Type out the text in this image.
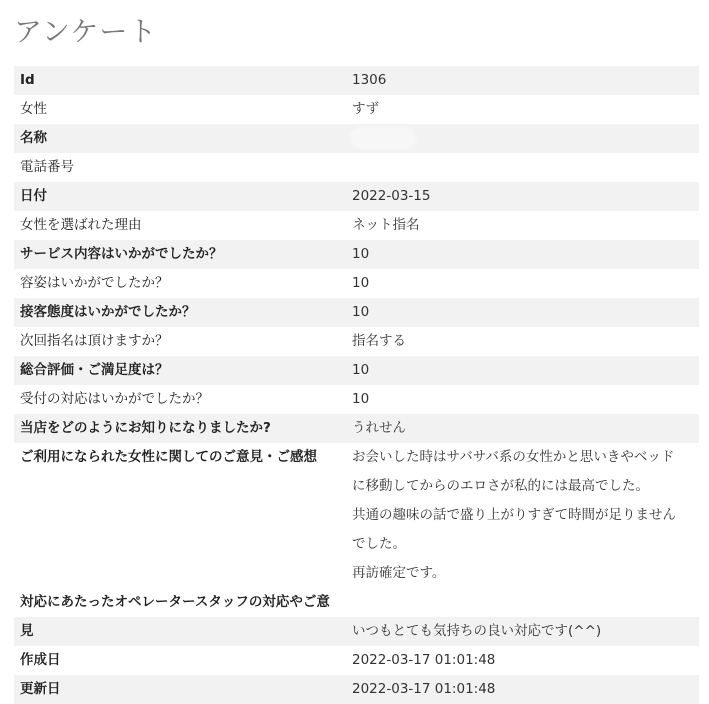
アンケート
Id	1306
女性	すず
名称	
電話番号	
日付	2022-03-15
女性を選ばれた理由	ネット指名
サービス内容はいかがでしたか？	10
容姿はいかがでしたか？	10
接客態度はいかがでしたか？	10
次回指名は頂けますか？	指名する
総合評価・ご満足度は？	10
受付の対応はいかがでしたか？	10
当店をどのようにお知りになりましたか?	うれせん
ご利用になられた女性に関してのご意見・ご感想	お会いした時はサバサバ系の女性かと思いきやベッド
に移動してからのエロさが私的には最高でした。
共通の趣味の話で盛り上がりすぎて時間が足りません
でした。
再訪確定です。

対応にあたったオペレータースタッフの対応やご意	
見	いつもとても気持ちの良い対応です(^^)
作成日	2022-03-17 01:01:48
更新日	2022-03-17 01:01:48
